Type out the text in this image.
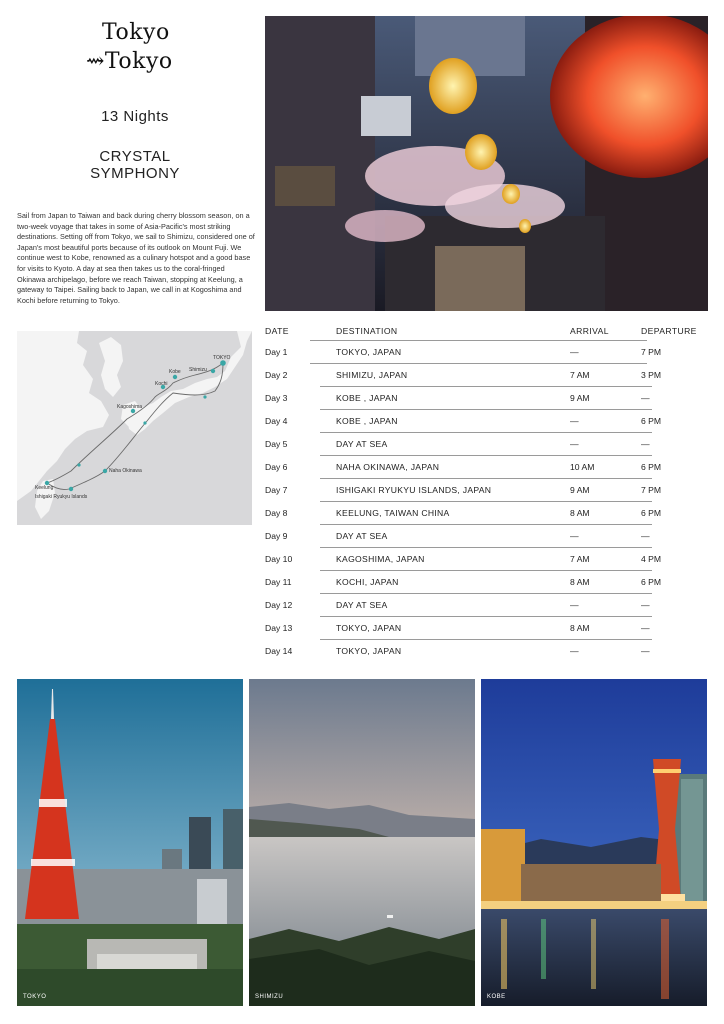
Tokyo
⇝Tokyo
13 Nights
CRYSTAL
SYMPHONY
Sail from Japan to Taiwan and back during cherry blossom season, on a two-week voyage that takes in some of Asia-Pacific's most striking destinations. Setting off from Tokyo, we sail to Shimizu, considered one of Japan's most beautiful ports because of its outlook on Mount Fuji. We continue west to Kobe, renowned as a culinary hotspot and a good base for visits to Kyoto. A day at sea then takes us to the coral-fringed Okinawa archipelago, before we reach Taiwan, stopping at Keelung, a gateway to Taipei. Sailing back to Japan, we call in at Kogoshima and Kochi before returning to Tokyo.
TOKYO
Shimizu
Kobe
Kochi
Kagoshima
Naha Okinawa
Keelung
Ishigaki Ryukyu Islands
DATE	DESTINATION	ARRIVAL	DEPARTURE
Day 1	TOKYO, JAPAN	—	7 PM
Day 2	SHIMIZU, JAPAN	7 AM	3 PM
Day 3	KOBE , JAPAN	9 AM	—
Day 4	KOBE , JAPAN	—	6 PM
Day 5	DAY AT SEA	—	—
Day 6	NAHA OKINAWA, JAPAN	10 AM	6 PM
Day 7	ISHIGAKI RYUKYU ISLANDS, JAPAN	9 AM	7 PM
Day 8	KEELUNG, TAIWAN CHINA	8 AM	6 PM
Day 9	DAY AT SEA	—	—
Day 10	KAGOSHIMA, JAPAN	7 AM	4 PM
Day 11	KOCHI, JAPAN	8 AM	6 PM
Day 12	DAY AT SEA	—	—
Day 13	TOKYO, JAPAN	8 AM	—
Day 14	TOKYO, JAPAN	—	—
TOKYO	SHIMIZU	KOBE
